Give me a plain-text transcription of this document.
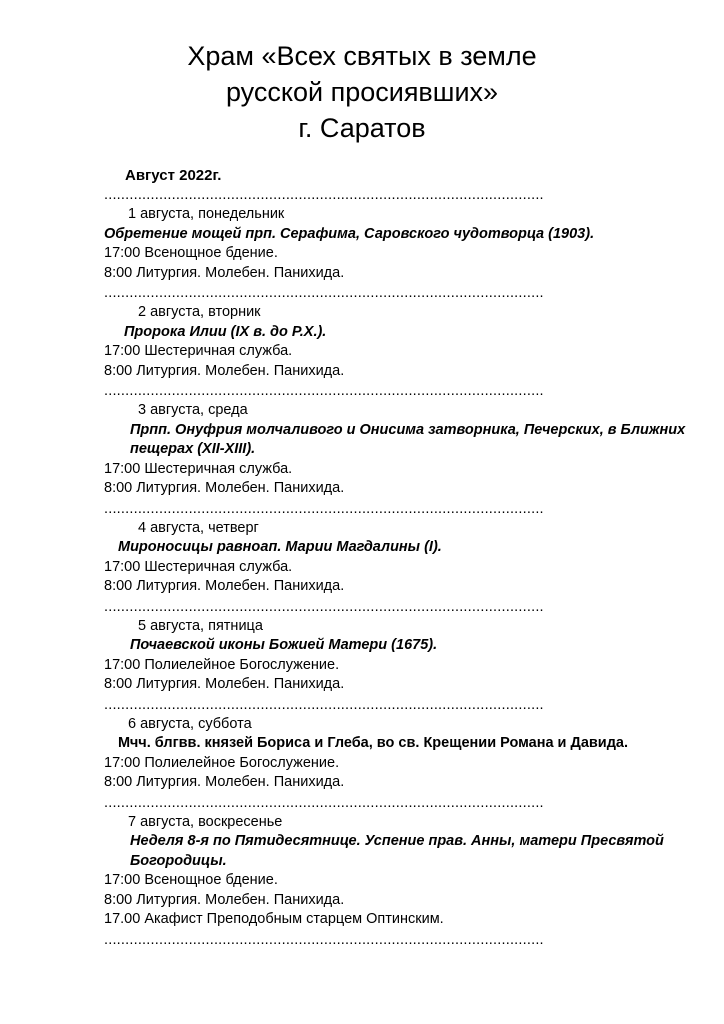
Храм «Всех святых в земле
русской просиявших»
г. Саратов
Август 2022г.
........................................................................................................
1 августа, понедельник
Обретение мощей прп. Серафима, Саровского чудотворца (1903).
17:00 Всенощное бдение.
8:00 Литургия. Молебен. Панихида.
........................................................................................................
2 августа, вторник
Пророка Илии (IX в. до Р.Х.).
17:00 Шестеричная служба.
8:00 Литургия. Молебен. Панихида.
........................................................................................................
3 августа, среда
Прпп. Онуфрия молчаливого и Онисима затворника, Печерских, в Ближних пещерах (XII-XIII).
17:00 Шестеричная служба.
8:00 Литургия. Молебен. Панихида.
........................................................................................................
4 августа, четверг
Мироносицы равноап. Марии Магдалины (I).
17:00 Шестеричная служба.
8:00 Литургия. Молебен. Панихида.
........................................................................................................
5 августа, пятница
Почаевской иконы Божией Матери (1675).
17:00 Полиелейное Богослужение.
8:00 Литургия. Молебен. Панихида.
........................................................................................................
6 августа, суббота
Мчч. блгвв. князей Бориса и Глеба, во св. Крещении Романа и Давида.
17:00 Полиелейное Богослужение.
8:00 Литургия. Молебен. Панихида.
........................................................................................................
7 августа, воскресенье
Неделя 8-я по Пятидесятнице. Успение прав. Анны, матери Пресвятой Богородицы.
17:00 Всенощное бдение.
8:00 Литургия. Молебен. Панихида.
17.00 Акафист Преподобным старцем Оптинским.
........................................................................................................
